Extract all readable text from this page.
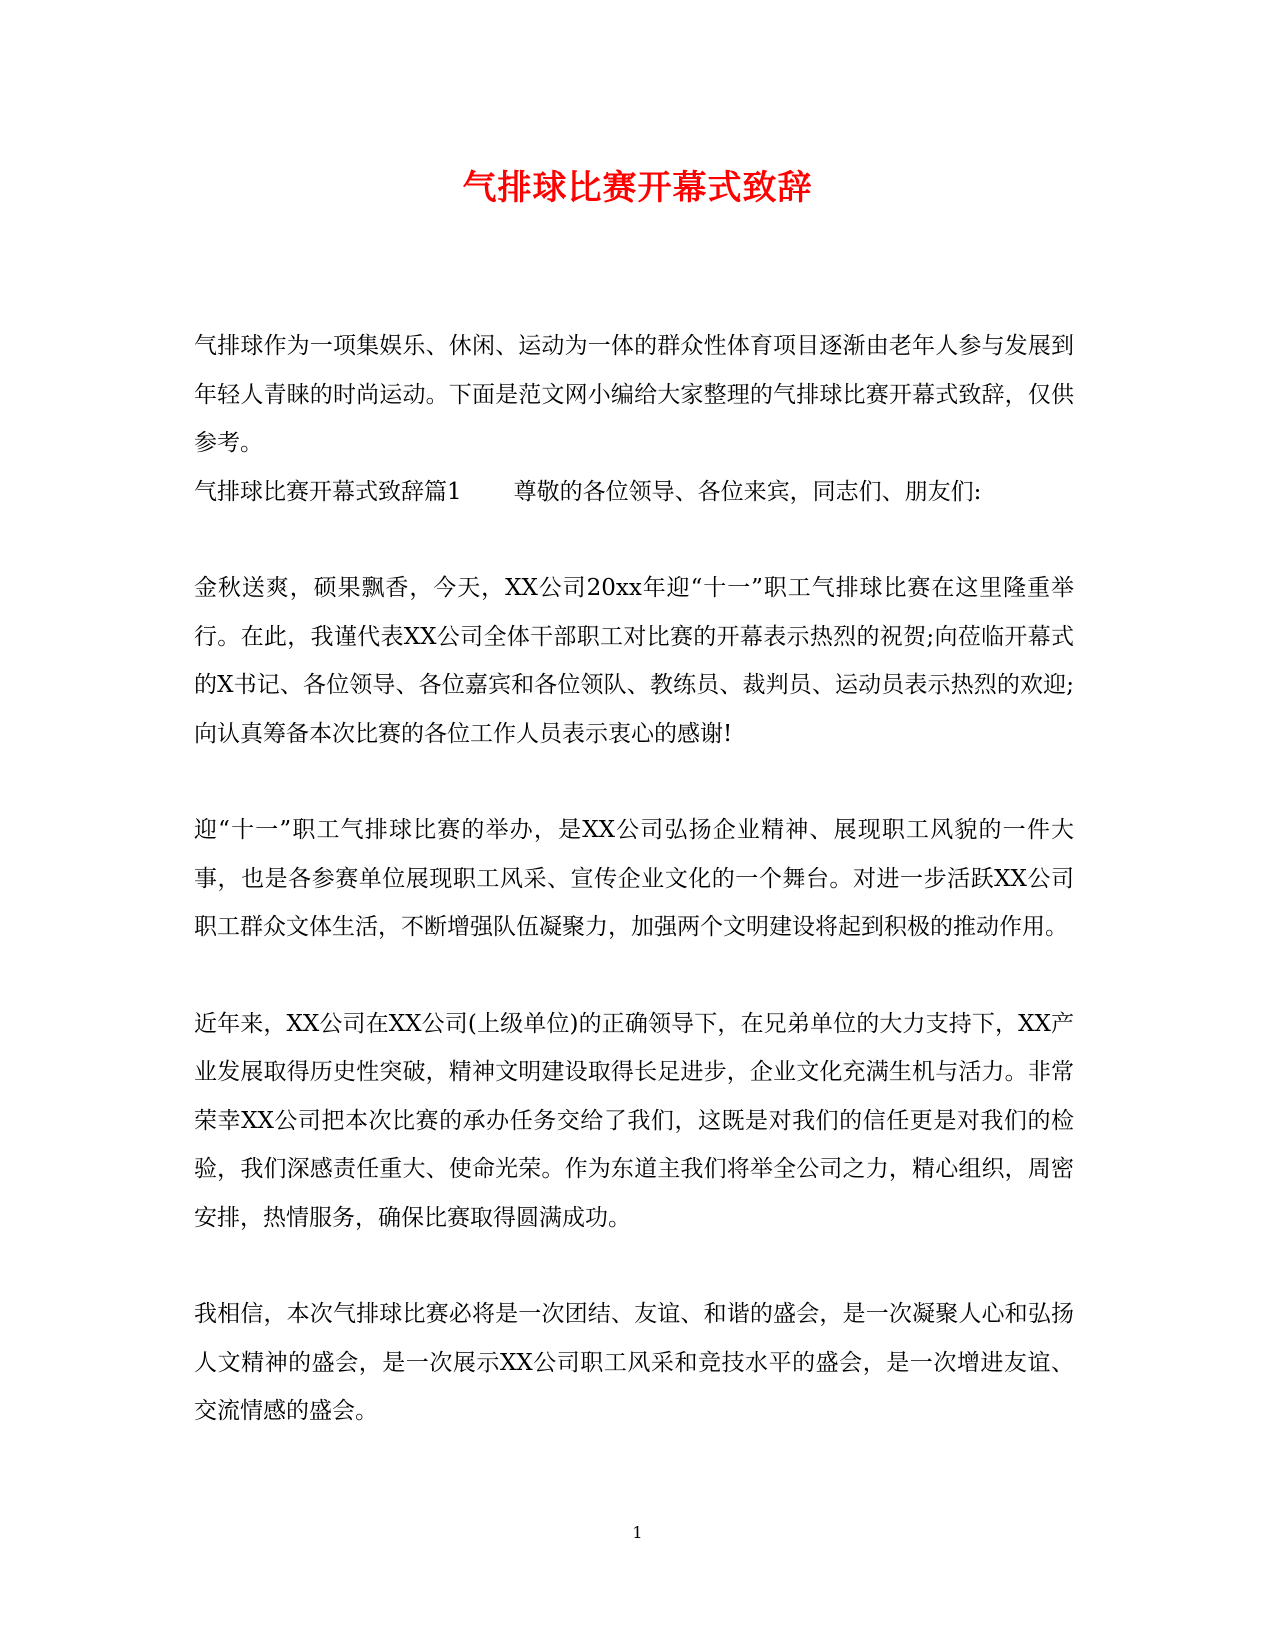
气排球比赛开幕式致辞

气排球作为一项集娱乐、休闲、运动为一体的群众性体育项目逐渐由老年人参与发展到年轻人青睐的时尚运动。下面是范文网小编给大家整理的气排球比赛开幕式致辞，仅供参考。

气排球比赛开幕式致辞篇1 尊敬的各位领导、各位来宾，同志们、朋友们:

金秋送爽，硕果飘香，今天，XX公司20xx年迎“十一”职工气排球比赛在这里隆重举行。在此，我谨代表XX公司全体干部职工对比赛的开幕表示热烈的祝贺;向莅临开幕式的X书记、各位领导、各位嘉宾和各位领队、教练员、裁判员、运动员表示热烈的欢迎;向认真筹备本次比赛的各位工作人员表示衷心的感谢!

迎“十一”职工气排球比赛的举办，是XX公司弘扬企业精神、展现职工风貌的一件大事，也是各参赛单位展现职工风采、宣传企业文化的一个舞台。对进一步活跃XX公司职工群众文体生活，不断增强队伍凝聚力，加强两个文明建设将起到积极的推动作用。

近年来，XX公司在XX公司(上级单位)的正确领导下，在兄弟单位的大力支持下，XX产业发展取得历史性突破，精神文明建设取得长足进步，企业文化充满生机与活力。非常荣幸XX公司把本次比赛的承办任务交给了我们，这既是对我们的信任更是对我们的检验，我们深感责任重大、使命光荣。作为东道主我们将举全公司之力，精心组织，周密安排，热情服务，确保比赛取得圆满成功。

我相信，本次气排球比赛必将是一次团结、友谊、和谐的盛会，是一次凝聚人心和弘扬人文精神的盛会，是一次展示XX公司职工风采和竞技水平的盛会，是一次增进友谊、交流情感的盛会。

1
